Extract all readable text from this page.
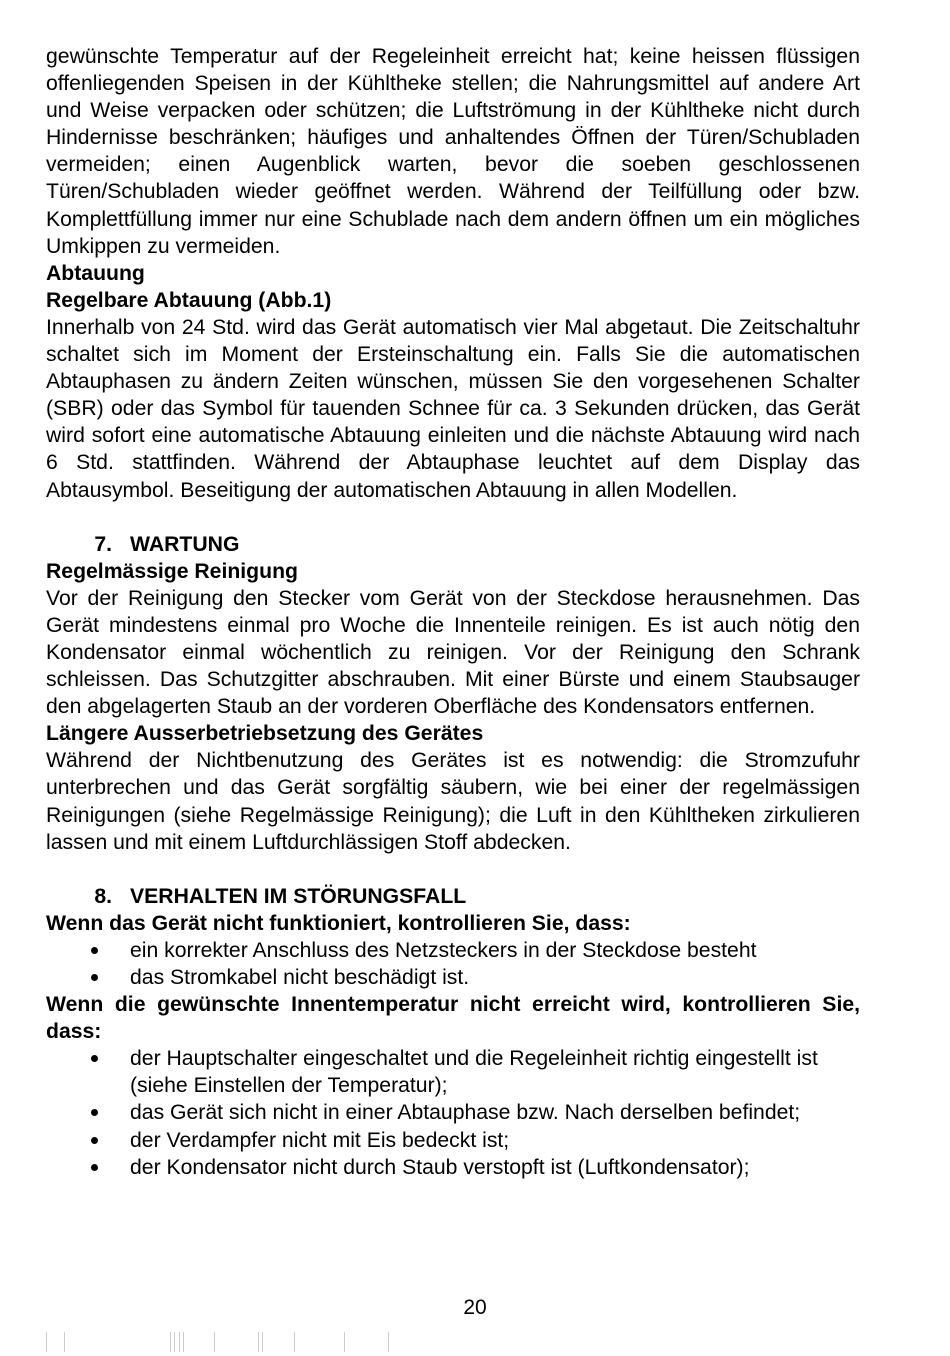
gewünschte Temperatur auf der Regeleinheit erreicht hat; keine heissen flüssigen offenliegenden Speisen in der Kühltheke stellen; die Nahrungsmittel auf andere Art und Weise verpacken oder schützen; die Luftströmung in der Kühltheke nicht durch Hindernisse beschränken; häufiges und anhaltendes Öffnen der Türen/Schubladen vermeiden; einen Augenblick warten, bevor die soeben geschlossenen Türen/Schubladen wieder geöffnet werden. Während der Teilfüllung oder bzw. Komplettfüllung immer nur eine Schublade nach dem andern öffnen um ein mögliches Umkippen zu vermeiden.

Abtauung
Regelbare Abtauung (Abb.1)

Innerhalb von 24 Std. wird das Gerät automatisch vier Mal abgetaut. Die Zeitschaltuhr schaltet sich im Moment der Ersteinschaltung ein. Falls Sie die automatischen Abtauphasen zu ändern Zeiten wünschen, müssen Sie den vorgesehenen Schalter (SBR) oder das Symbol für tauenden Schnee für ca. 3 Sekunden drücken, das Gerät wird sofort eine automatische Abtauung einleiten und die nächste Abtauung wird nach 6 Std. stattfinden. Während der Abtauphase leuchtet auf dem Display das Abtausymbol. Beseitigung der automatischen Abtauung in allen Modellen.

7. WARTUNG
Regelmässige Reinigung

Vor der Reinigung den Stecker vom Gerät von der Steckdose herausnehmen. Das Gerät mindestens einmal pro Woche die Innenteile reinigen. Es ist auch nötig den Kondensator einmal wöchentlich zu reinigen. Vor der Reinigung den Schrank schleissen. Das Schutzgitter abschrauben. Mit einer Bürste und einem Staubsauger den abgelagerten Staub an der vorderen Oberfläche des Kondensators entfernen.

Längere Ausserbetriebsetzung des Gerätes

Während der Nichtbenutzung des Gerätes ist es notwendig: die Stromzufuhr unterbrechen und das Gerät sorgfältig säubern, wie bei einer der regelmässigen Reinigungen (siehe Regelmässige Reinigung); die Luft in den Kühltheken zirkulieren lassen und mit einem Luftdurchlässigen Stoff abdecken.

8. VERHALTEN IM STÖRUNGSFALL
Wenn das Gerät nicht funktioniert, kontrollieren Sie, dass:
ein korrekter Anschluss des Netzsteckers in der Steckdose besteht
das Stromkabel nicht beschädigt ist.
Wenn die gewünschte Innentemperatur nicht erreicht wird, kontrollieren Sie, dass:
der Hauptschalter eingeschaltet und die Regeleinheit richtig eingestellt ist (siehe Einstellen der Temperatur);
das Gerät sich nicht in einer Abtauphase bzw. Nach derselben befindet;
der Verdampfer nicht mit Eis bedeckt ist;
der Kondensator nicht durch Staub verstopft ist (Luftkondensator);
20
